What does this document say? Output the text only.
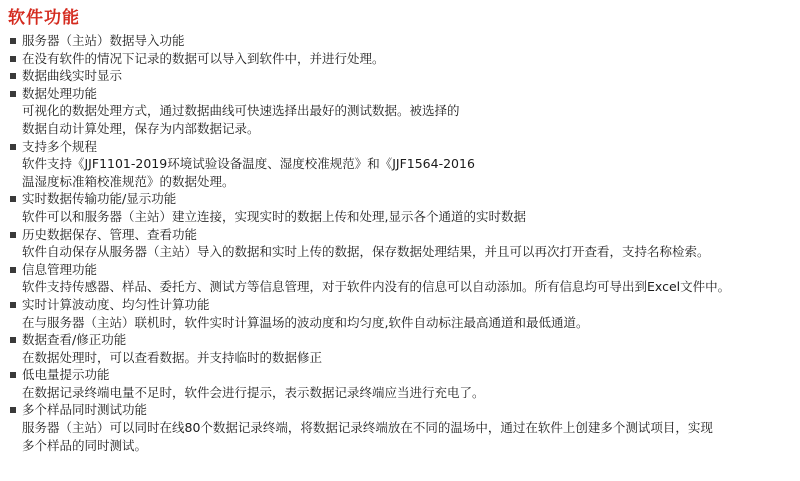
软件功能
服务器（主站）数据导入功能
在没有软件的情况下记录的数据可以导入到软件中，并进行处理。
数据曲线实时显示
数据处理功能
可视化的数据处理方式，通过数据曲线可快速选择出最好的测试数据。被选择的
数据自动计算处理，保存为内部数据记录。
支持多个规程
软件支持《JJF1101-2019环境试验设备温度、湿度校准规范》和《JJF1564-2016
温湿度标准箱校准规范》的数据处理。
实时数据传输功能/显示功能
软件可以和服务器（主站）建立连接，实现实时的数据上传和处理,显示各个通道的实时数据
历史数据保存、管理、查看功能
软件自动保存从服务器（主站）导入的数据和实时上传的数据，保存数据处理结果，并且可以再次打开查看，支持名称检索。
信息管理功能
软件支持传感器、样品、委托方、测试方等信息管理，对于软件内没有的信息可以自动添加。所有信息均可导出到Excel文件中。
实时计算波动度、均匀性计算功能
在与服务器（主站）联机时，软件实时计算温场的波动度和均匀度,软件自动标注最高通道和最低通道。
数据查看/修正功能
在数据处理时，可以查看数据。并支持临时的数据修正
低电量提示功能
在数据记录终端电量不足时，软件会进行提示，表示数据记录终端应当进行充电了。
多个样品同时测试功能
服务器（主站）可以同时在线80个数据记录终端，将数据记录终端放在不同的温场中，通过在软件上创建多个测试项目，实现
多个样品的同时测试。
